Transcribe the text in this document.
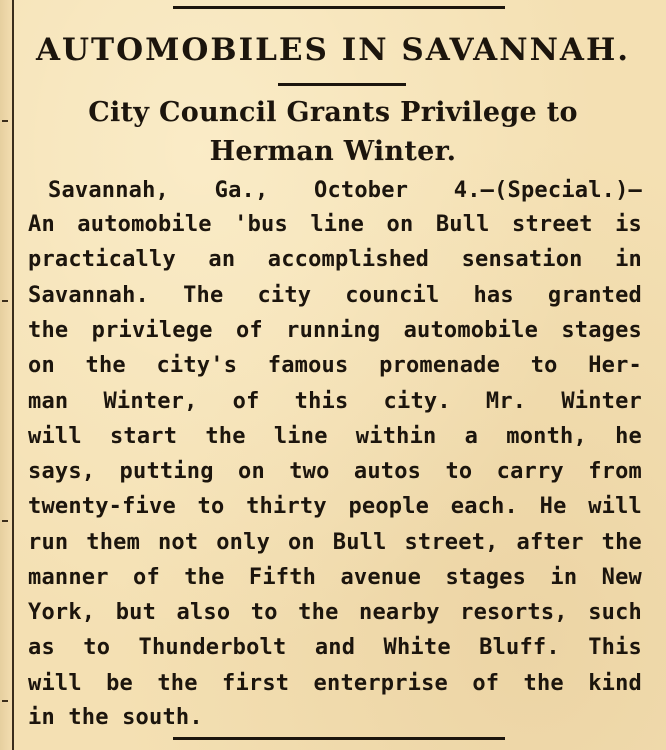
AUTOMOBILES IN SAVANNAH.
City Council Grants Privilege to
Herman Winter.
Savannah, Ga., October 4.—(Special.)—
An automobile 'bus line on Bull street is
practically an accomplished sensation in
Savannah. The city council has granted
the privilege of running automobile stages
on the city's famous promenade to Her-
man Winter, of this city. Mr. Winter
will start the line within a month, he
says, putting on two autos to carry from
twenty-five to thirty people each. He will
run them not only on Bull street, after the
manner of the Fifth avenue stages in New
York, but also to the nearby resorts, such
as to Thunderbolt and White Bluff. This
will be the first enterprise of the kind
in the south.
